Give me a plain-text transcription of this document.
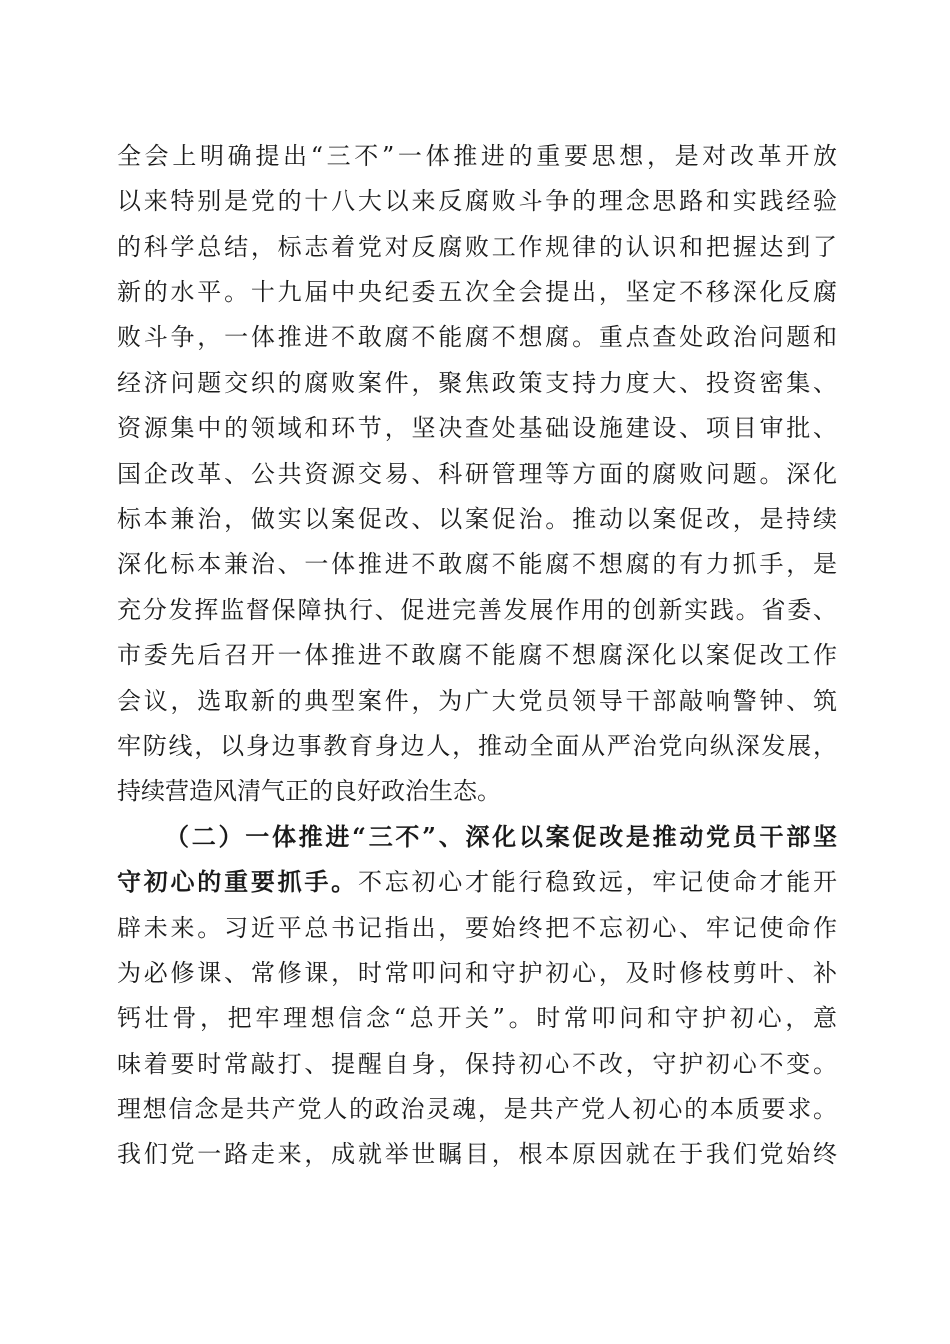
全会上明确提出“三不”一体推进的重要思想，是对改革开放
以来特别是党的十八大以来反腐败斗争的理念思路和实践经验
的科学总结，标志着党对反腐败工作规律的认识和把握达到了
新的水平。十九届中央纪委五次全会提出，坚定不移深化反腐
败斗争，一体推进不敢腐不能腐不想腐。重点查处政治问题和
经济问题交织的腐败案件，聚焦政策支持力度大、投资密集、
资源集中的领域和环节，坚决查处基础设施建设、项目审批、
国企改革、公共资源交易、科研管理等方面的腐败问题。深化
标本兼治，做实以案促改、以案促治。推动以案促改，是持续
深化标本兼治、一体推进不敢腐不能腐不想腐的有力抓手，是
充分发挥监督保障执行、促进完善发展作用的创新实践。省委、
市委先后召开一体推进不敢腐不能腐不想腐深化以案促改工作
会议，选取新的典型案件，为广大党员领导干部敲响警钟、筑
牢防线，以身边事教育身边人，推动全面从严治党向纵深发展，
持续营造风清气正的良好政治生态。
（二）一体推进“三不”、深化以案促改是推动党员干部坚
守初心的重要抓手。不忘初心才能行稳致远，牢记使命才能开
辟未来。习近平总书记指出，要始终把不忘初心、牢记使命作
为必修课、常修课，时常叩问和守护初心，及时修枝剪叶、补
钙壮骨，把牢理想信念“总开关”。时常叩问和守护初心，意
味着要时常敲打、提醒自身，保持初心不改，守护初心不变。
理想信念是共产党人的政治灵魂，是共产党人初心的本质要求。
我们党一路走来，成就举世瞩目，根本原因就在于我们党始终
